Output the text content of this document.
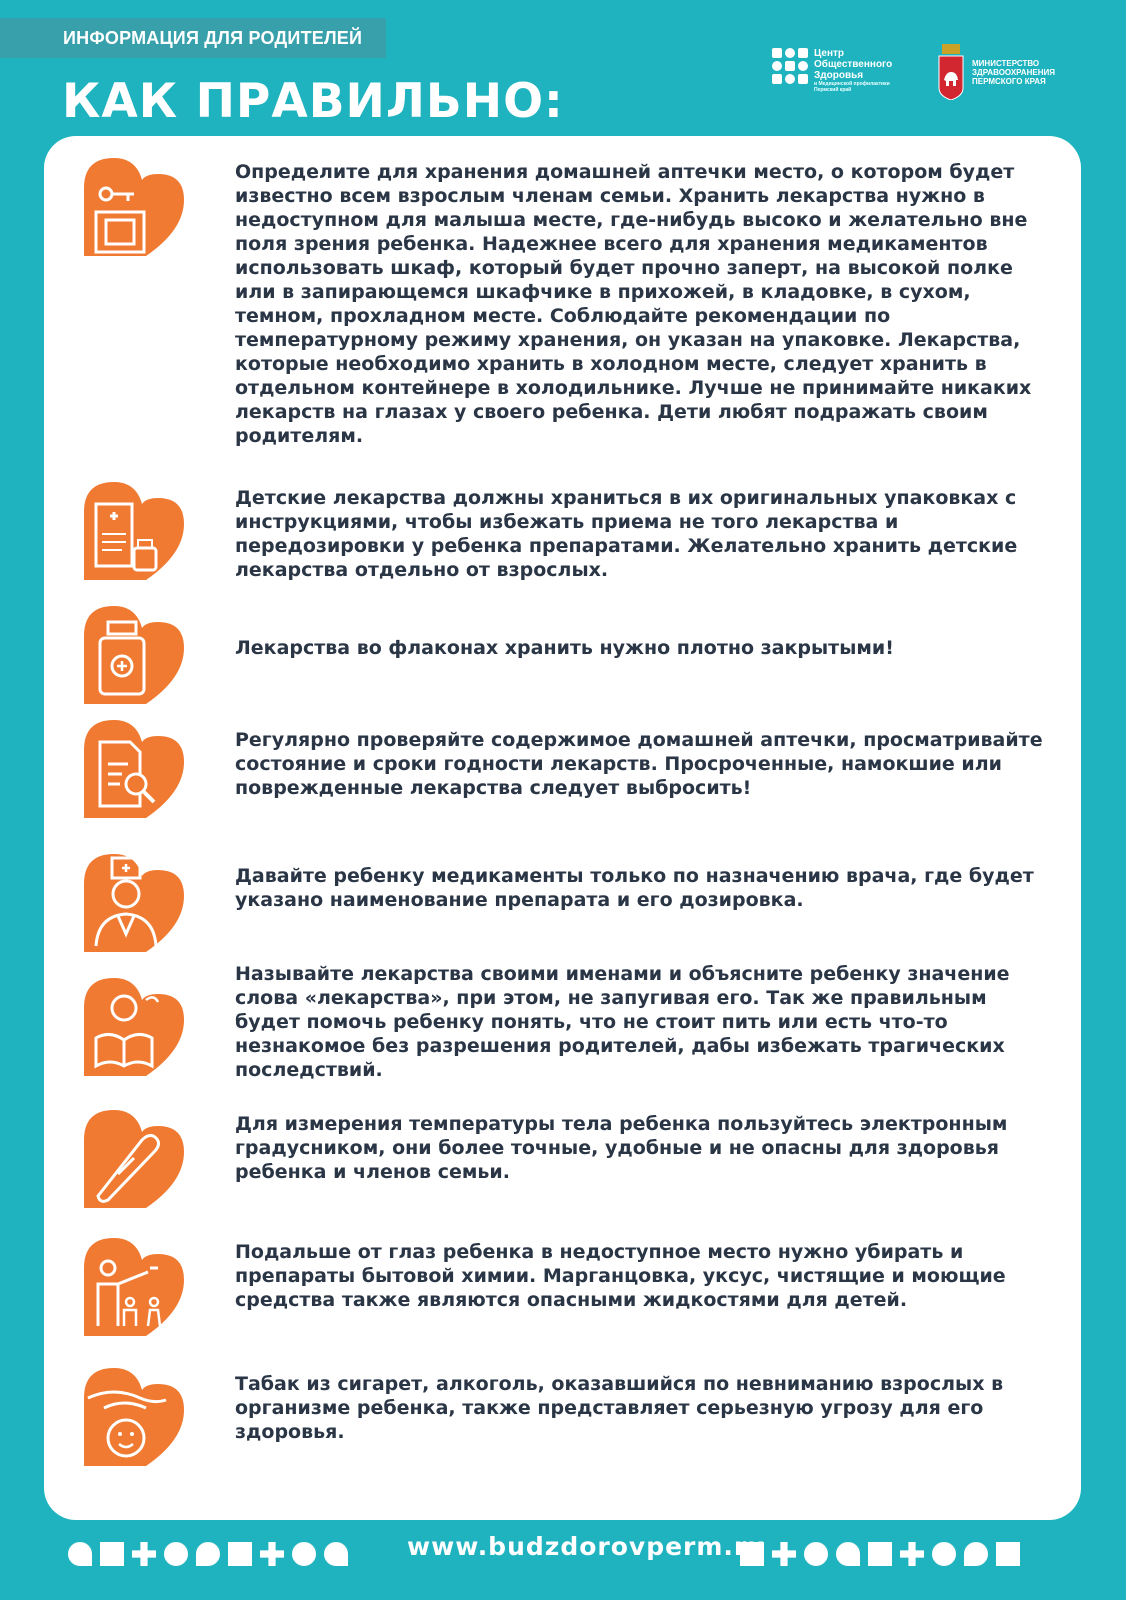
ИНФОРМАЦИЯ ДЛЯ РОДИТЕЛЕЙ
КАК ПРАВИЛЬНО:
Центр
Общественного
Здоровья
и Медицинской профилактики
Пермский край
МИНИСТЕРСТВО
ЗДРАВООХРАНЕНИЯ
ПЕРМСКОГО КРАЯ

Определите для хранения домашней аптечки место, о котором будет известно всем взрослым членам семьи. Хранить лекарства нужно в недоступном для малыша месте, где-нибудь высоко и желательно вне поля зрения ребенка. Надежнее всего для хранения медикаментов использовать шкаф, который будет прочно заперт, на высокой полке или в запирающемся шкафчике в прихожей, в кладовке, в сухом, темном, прохладном месте. Соблюдайте рекомендации по температурному режиму хранения, он указан на упаковке. Лекарства, которые необходимо хранить в холодном месте, следует хранить в отдельном контейнере в холодильнике. Лучше не принимайте никаких лекарств на глазах у своего ребенка. Дети любят подражать своим родителям.

Детские лекарства должны храниться в их оригинальных упаковках с инструкциями, чтобы избежать приема не того лекарства и передозировки у ребенка препаратами. Желательно хранить детские лекарства отдельно от взрослых.

Лекарства во флаконах хранить нужно плотно закрытыми!

Регулярно проверяйте содержимое домашней аптечки, просматривайте состояние и сроки годности лекарств. Просроченные, намокшие или поврежденные лекарства следует выбросить!

Давайте ребенку медикаменты только по назначению врача, где будет указано наименование препарата и его дозировка.

Называйте лекарства своими именами и объясните ребенку значение слова «лекарства», при этом, не запугивая его. Так же правильным будет помочь ребенку понять, что не стоит пить или есть что-то незнакомое без разрешения родителей, дабы избежать трагических последствий.

Для измерения температуры тела ребенка пользуйтесь электронным градусником, они более точные, удобные и не опасны для здоровья ребенка и членов семьи.

Подальше от глаз ребенка в недоступное место нужно убирать и препараты бытовой химии. Марганцовка, уксус, чистящие и моющие средства также являются опасными жидкостями для детей.

Табак из сигарет, алкоголь, оказавшийся по невниманию взрослых в организме ребенка, также представляет серьезную угрозу для его здоровья.

www.budzdorovperm.ru
